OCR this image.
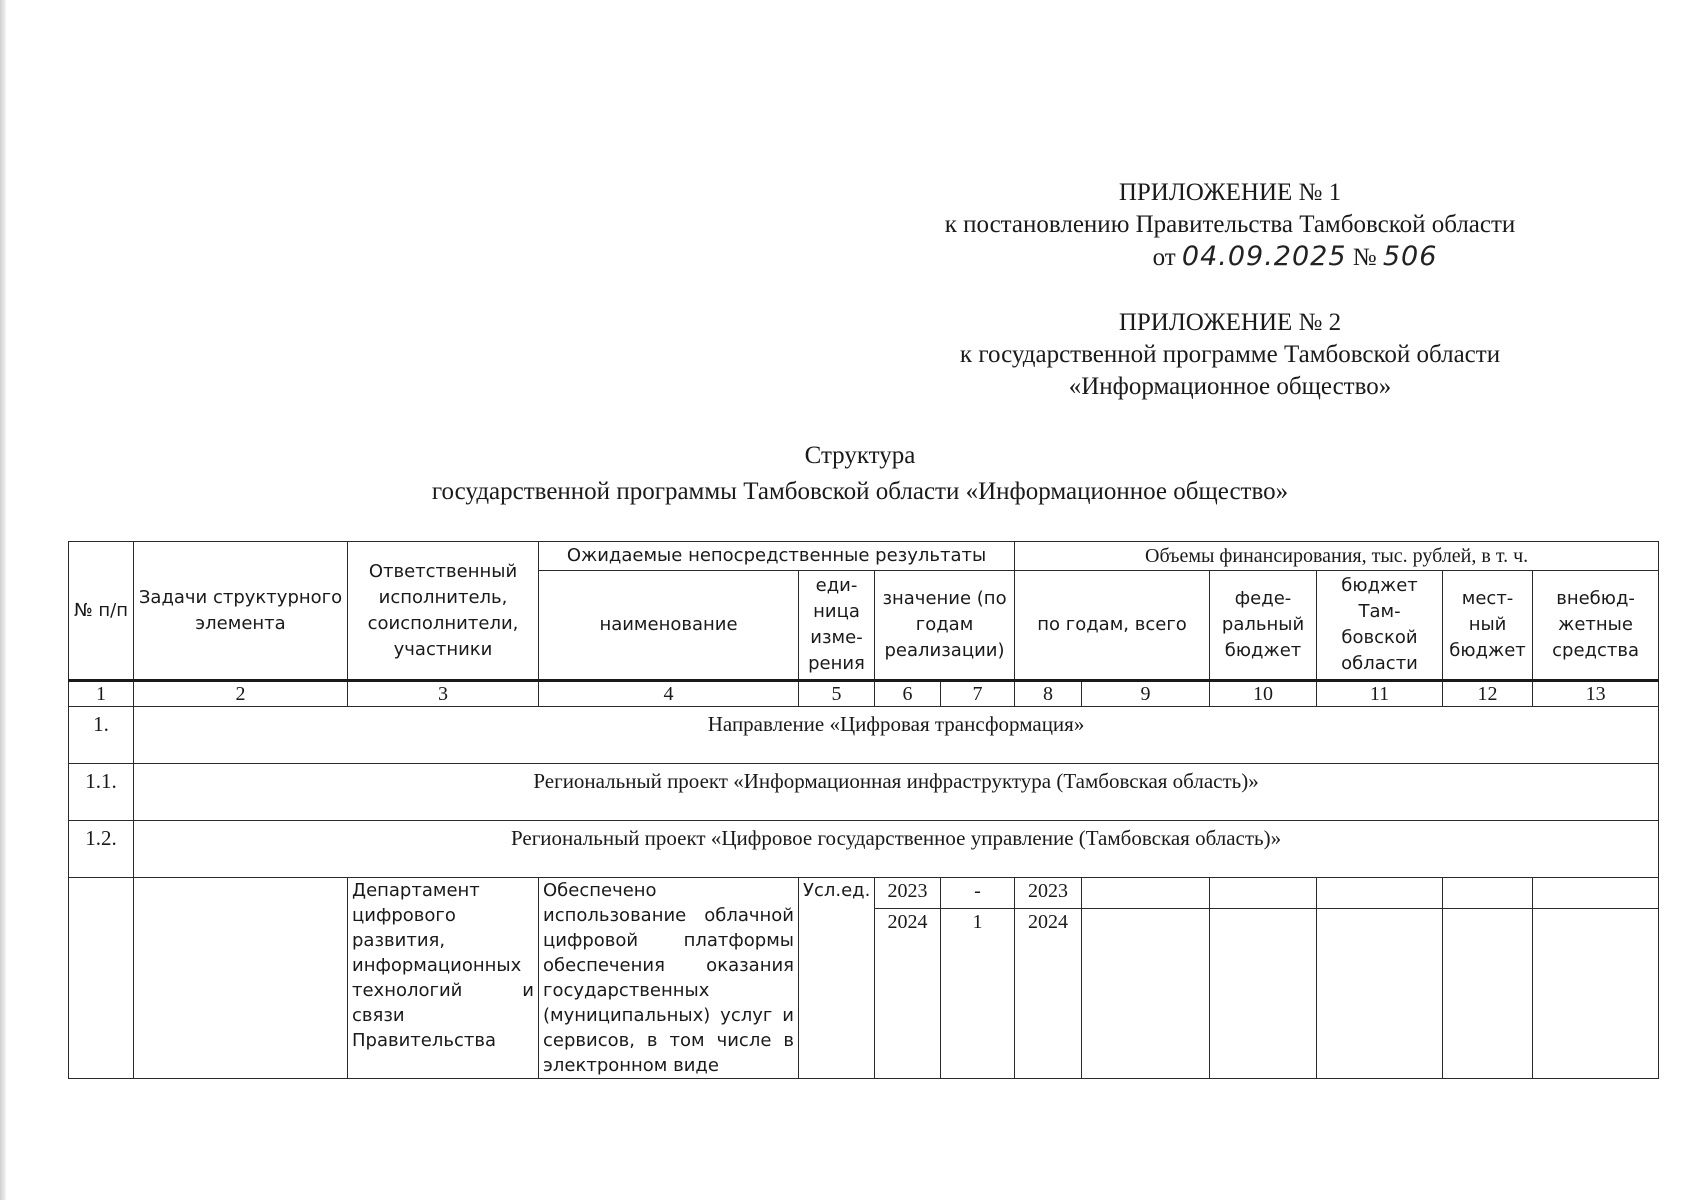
ПРИЛОЖЕНИЕ № 1
к постановлению Правительства Тамбовской области
от 04.09.2025 № 506
ПРИЛОЖЕНИЕ № 2
к государственной программе Тамбовской области
«Информационное общество»
Структура
государственной программы Тамбовской области «Информационное общество»
№ п/п	Задачи структурного элемента	Ответственный исполнитель, соисполнители, участники	Ожидаемые непосредственные результаты				Объемы финансирования, тыс. рублей, в т. ч.					
			наименование	еди-ница изме-рения	значение (по годам реализации)		по годам, всего		феде-ральный бюджет	бюджет Там-бовской области	мест-ный бюджет	внебюд-жетные средства
1	2	3	4	5	6	7	8	9	10	11	12	13
1.	Направление «Цифровая трансформация»											
1.1.	Региональный проект «Информационная инфраструктура (Тамбовская область)»											
1.2.	Региональный проект «Цифровое государственное управление (Тамбовская область)»											

		Департамент цифрового развития, информационных технологий и связи Правительства	Обеспечено использование облачной цифровой платформы обеспечения оказания государственных (муниципальных) услуг и сервисов, в том числе в электронном виде	Усл.ед.	2023	-	2023					
					2024	1	2024					
